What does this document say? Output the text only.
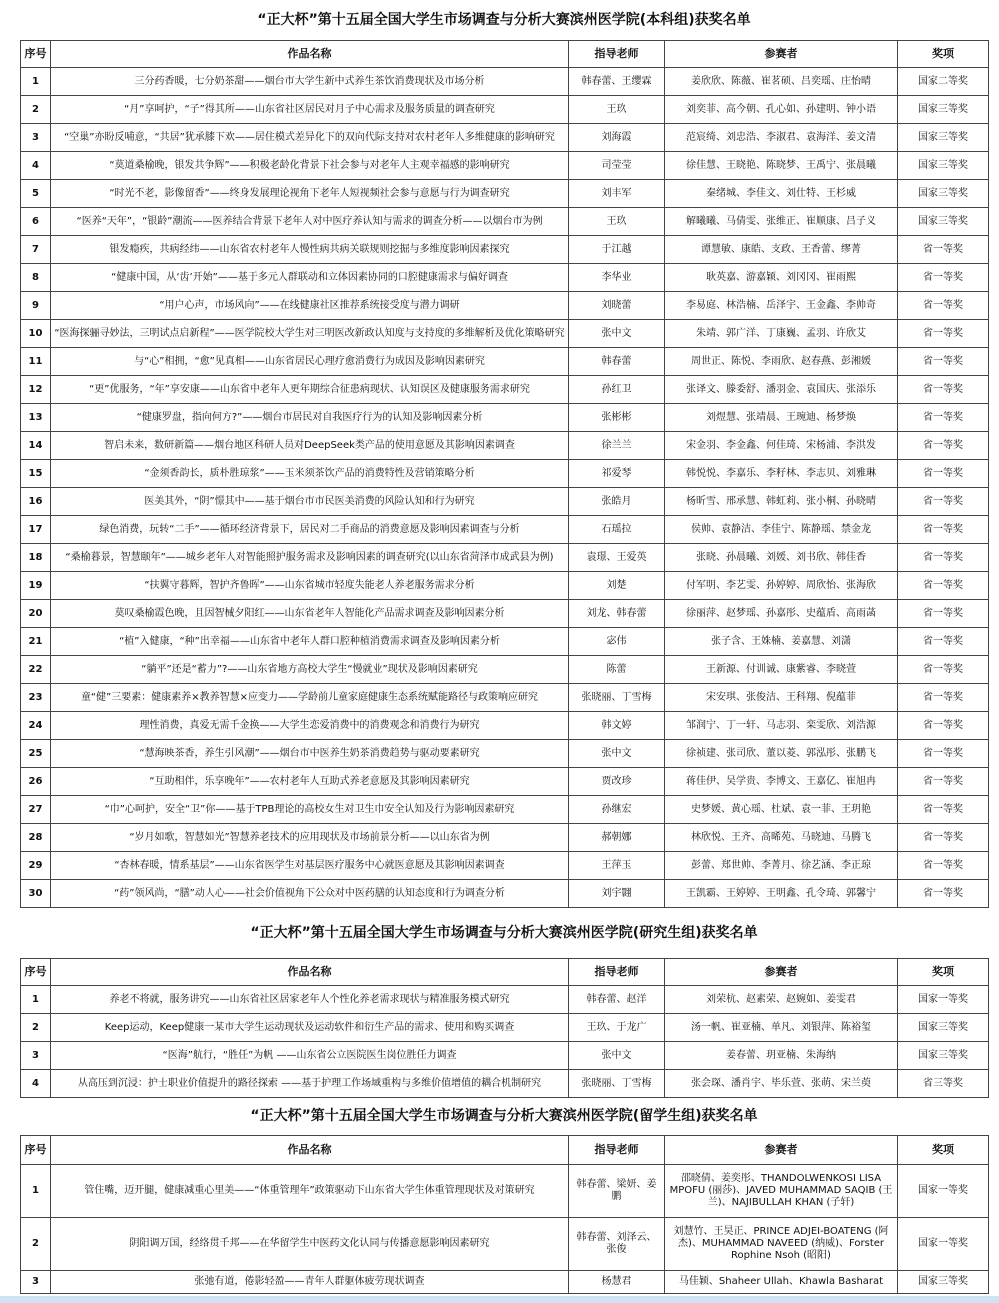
“正大杯”第十五届全国大学生市场调查与分析大赛滨州医学院(本科组)获奖名单
序号	作品名称	指导老师	参赛者	奖项
1	三分药香暖，七分奶茶甜——烟台市大学生新中式养生茶饮消费现状及市场分析	韩春蕾、王缨霖	姜欣欣、陈薇、崔茗硕、吕奕瑶、庄怡晴	国家二等奖
2	“月”享呵护，“子”得其所——山东省社区居民对月子中心需求及服务质量的调查研究	王玖	刘奕菲、高今朝、孔心如、孙建明、钟小语	国家三等奖
3	“空巢”亦盼反哺意，“共居”犹承膝下欢——居住模式差异化下的双向代际支持对农村老年人多维健康的影响研究	刘海霞	范宸绮、刘忠浩、李淑君、袁海洋、姜文清	国家三等奖
4	“莫道桑榆晚，银发共争辉”——积极老龄化背景下社会参与对老年人主观幸福感的影响研究	司莹莹	徐佳慧、王晓艳、陈晓梦、王禹宁、张晨曦	国家三等奖
5	“时光不老，影像留香”——终身发展理论视角下老年人短视频社会参与意愿与行为调查研究	刘丰军	秦绪城、李佳文、刘仕特、王杉威	国家三等奖
6	“医养“天年”，“银龄”潮流——医养结合背景下老年人对中医疗养认知与需求的调查分析——以烟台市为例	王玖	解曦曦、马倩雯、张维正、崔顺康、吕子义	国家三等奖
7	银发瘾疾，共病经纬——山东省农村老年人慢性病共病关联规则挖掘与多维度影响因素探究	于江越	谭慧敏、康皓、支政、王香蕾、缪菁	省一等奖
8	“健康中国，从‘齿’开始”——基于多元人群联动和立体因素协同的口腔健康需求与偏好调查	李华业	耿英嘉、游嘉颖、刘冈冈、崔雨熙	省一等奖
9	“用户心声，市场风向”——在线健康社区推荐系统接受度与潜力调研	刘晓蕾	李易庭、林浩楠、岳泽宇、王金鑫、李帅奇	省一等奖
10	“医海探骊寻妙法，三明试点启新程”——医学院校大学生对三明医改新政认知度与支持度的多维解析及优化策略研究	张中文	朱靖、郭广洋、丁康巍、孟羽、许欣艾	省一等奖
11	与“心”相拥，“愈”见真相——山东省居民心理疗愈消费行为成因及影响因素研究	韩春蕾	周世正、陈悦、李雨欣、赵春燕、彭湘媛	省一等奖
12	“更”优服务，“年”享安康——山东省中老年人更年期综合征患病现状、认知误区及健康服务需求研究	孙红卫	张译文、滕委舒、潘羽金、袁国庆、张添乐	省一等奖
13	“健康罗盘，指向何方?”——烟台市居民对自我医疗行为的认知及影响因素分析	张彬彬	刘煜慧、张靖晨、王琬迪、杨梦焕	省一等奖
14	智启未来，数研新篇——烟台地区科研人员对DeepSeek类产品的使用意愿及其影响因素调查	徐兰兰	宋金羽、李金鑫、何佳琦、宋杨浦、李洪发	省一等奖
15	“金须香韵长，质朴胜琼浆”——玉米须茶饮产品的消费特性及营销策略分析	祁爱琴	韩悦悦、李嘉乐、李籽林、李志贝、刘雅琳	省一等奖
16	医美其外，“阴”憬其中——基于烟台市市民医美消费的风险认知和行为研究	张皓月	杨昕雪、邢承慧、韩虹莉、张小桐、孙晓晴	省一等奖
17	绿色消费，玩转“二手”——循环经济背景下，居民对二手商品的消费意愿及影响因素调查与分析	石瑶拉	侯帅、袁静洁、李佳宁、陈静瑶、禁金龙	省一等奖
18	“桑榆暮景，智慧颐年”——城乡老年人对智能照护服务需求及影响因素的调查研究(以山东省菏泽市成武县为例)	袁璟、王爱英	张晓、孙晨曦、刘媛、刘书欣、韩佳香	省一等奖
19	“扶翼守暮辉，智护齐鲁晖”——山东省城市轻度失能老人养老服务需求分析	刘楚	付军明、李艺雯、孙婷婷、周欣怡、张海欣	省一等奖
20	莫叹桑榆霞色晚，且因智械夕阳红——山东省老年人智能化产品需求调查及影响因素分析	刘龙、韩春蕾	徐丽萍、赵梦瑶、孙嘉彤、史蕴盾、高雨菡	省一等奖
21	“植”入健康，“种”出幸福——山东省中老年人群口腔种植消费需求调查及影响因素分析	宓伟	张子含、王姝楠、姜嘉慧、刘潇	省一等奖
22	“躺平”还是“蓄力”?——山东省地方高校大学生“慢就业”现状及影响因素研究	陈蕾	王新源、付训诚、康紫睿、李晓萱	省一等奖
23	童“健”三要素：健康素养×教养智慧×应变力——学龄前儿童家庭健康生态系统赋能路径与政策响应研究	张晓丽、丁雪梅	宋安琪、张俊洁、王科翔、倪蕴菲	省一等奖
24	理性消费，真爱无需千金换——大学生恋爱消费中的消费观念和消费行为研究	韩文婷	邹润宁、丁一轩、马志羽、栾雯欣、刘浩源	省一等奖
25	“慧海映茶香，养生引风潮”——烟台市中医养生奶茶消费趋势与驱动要素研究	张中文	徐祯建、张司欣、董以菱、郭泓彤、张鹏飞	省一等奖
26	“互助相伴，乐享晚年”——农村老年人互助式养老意愿及其影响因素研究	贾改珍	蒋佳伊、吴学贵、李博文、王嘉亿、崔旭冉	省一等奖
27	“巾”心呵护，安全“卫”你——基于TPB理论的高校女生对卫生巾安全认知及行为影响因素研究	孙继宏	史梦媛、黄心瑶、杜斌、袁一菲、王玥艳	省一等奖
28	“岁月如歌，智慧如光”智慧养老技术的应用现状及市场前景分析——以山东省为例	郝朝娜	林欣悦、王齐、高晞苑、马晓迪、马腾飞	省一等奖
29	“杏林春暖，情系基层”——山东省医学生对基层医疗服务中心就医意愿及其影响因素调查	王萍玉	彭蕾、郑世帅、李菁月、徐艺涵、李正琼	省一等奖
30	“药”领风尚，“膳”动人心——社会价值视角下公众对中医药膳的认知态度和行为调查分析	刘宇翾	王凯霸、王婷婷、王明鑫、孔令琦、郭馨宁	省一等奖
“正大杯”第十五届全国大学生市场调查与分析大赛滨州医学院(研究生组)获奖名单
序号	作品名称	指导老师	参赛者	奖项
1	养老不将就，服务讲究——山东省社区居家老年人个性化养老需求现状与精准服务模式研究	韩春蕾、赵洋	刘荣杭、赵素荣、赵婉如、姜雯君	国家一等奖
2	Keep运动，Keep健康一某市大学生运动现状及运动软件和衍生产品的需求、使用和购买调查	王玖、于龙广	汤一帆、崔亚楠、单凡、刘银萍、陈裕玺	国家三等奖
3	“医海”航行，“胜任”为帆 ——山东省公立医院医生岗位胜任力调查	张中文	姜春蕾、玥亚楠、朱海纳	国家三等奖
4	从高压到沉浸：护士职业价值提升的路径探索 ——基于护理工作场域重构与多维价值增值的耦合机制研究	张晓丽、丁雪梅	张会琛、潘肖宇、毕乐萱、张萌、宋兰萸	省三等奖
“正大杯”第十五届全国大学生市场调查与分析大赛滨州医学院(留学生组)获奖名单
序号	作品名称	指导老师	参赛者	奖项
1	管住嘴，迈开腿，健康减重心里美——“体重管理年”政策驱动下山东省大学生体重管理现状及对策研究	韩春蕾、梁妍、姜鹏	邵晓倩、姜奕彤、THANDOLWENKOSI LISA MPOFU (丽莎)、JAVED MUHAMMAD SAQIB (王兰)、NAJIBULLAH KHAN (子轩)	国家一等奖
2	阴阳调万国，经络贯千邦——在华留学生中医药文化认同与传播意愿影响因素研究	韩春蕾、刘泽云、张俊	刘慧竹、王昊正、PRINCE ADJEI-BOATENG (阿杰)、MUHAMMAD NAVEED (纳威)、Forster Rophine Nsoh (昭阳)	国家一等奖
3	张弛有道，倦影轻盈——青年人群躯体疲劳现状调查	杨慧君	马佳颖、Shaheer Ullah、Khawla Basharat	国家三等奖
